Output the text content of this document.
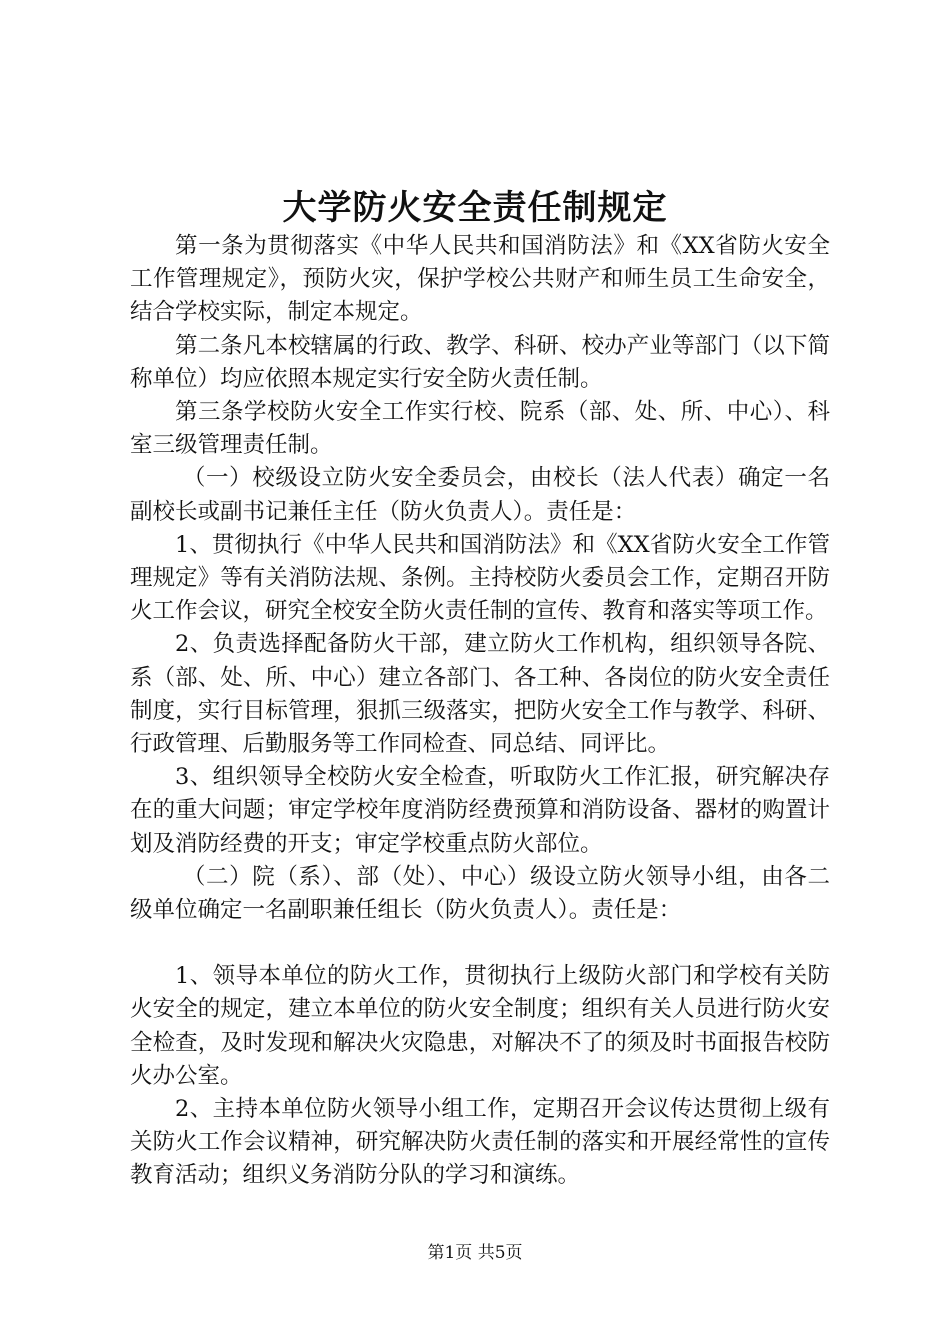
大学防火安全责任制规定

第一条为贯彻落实《中华人民共和国消防法》和《XX省防火安全工作管理规定》，预防火灾，保护学校公共财产和师生员工生命安全，结合学校实际，制定本规定。

第二条凡本校辖属的行政、教学、科研、校办产业等部门（以下简称单位）均应依照本规定实行安全防火责任制。

第三条学校防火安全工作实行校、院系（部、处、所、中心）、科室三级管理责任制。

（一）校级设立防火安全委员会，由校长（法人代表）确定一名副校长或副书记兼任主任（防火负责人）。责任是：

1、贯彻执行《中华人民共和国消防法》和《XX省防火安全工作管理规定》等有关消防法规、条例。主持校防火委员会工作，定期召开防火工作会议，研究全校安全防火责任制的宣传、教育和落实等项工作。

2、负责选择配备防火干部，建立防火工作机构，组织领导各院、系（部、处、所、中心）建立各部门、各工种、各岗位的防火安全责任制度，实行目标管理，狠抓三级落实，把防火安全工作与教学、科研、行政管理、后勤服务等工作同检查、同总结、同评比。

3、组织领导全校防火安全检查，听取防火工作汇报，研究解决存在的重大问题；审定学校年度消防经费预算和消防设备、器材的购置计划及消防经费的开支；审定学校重点防火部位。

（二）院（系）、部（处）、中心）级设立防火领导小组，由各二级单位确定一名副职兼任组长（防火负责人）。责任是：

1、领导本单位的防火工作，贯彻执行上级防火部门和学校有关防火安全的规定，建立本单位的防火安全制度；组织有关人员进行防火安全检查，及时发现和解决火灾隐患，对解决不了的须及时书面报告校防火办公室。

2、主持本单位防火领导小组工作，定期召开会议传达贯彻上级有关防火工作会议精神，研究解决防火责任制的落实和开展经常性的宣传教育活动；组织义务消防分队的学习和演练。

第1页 共5页
